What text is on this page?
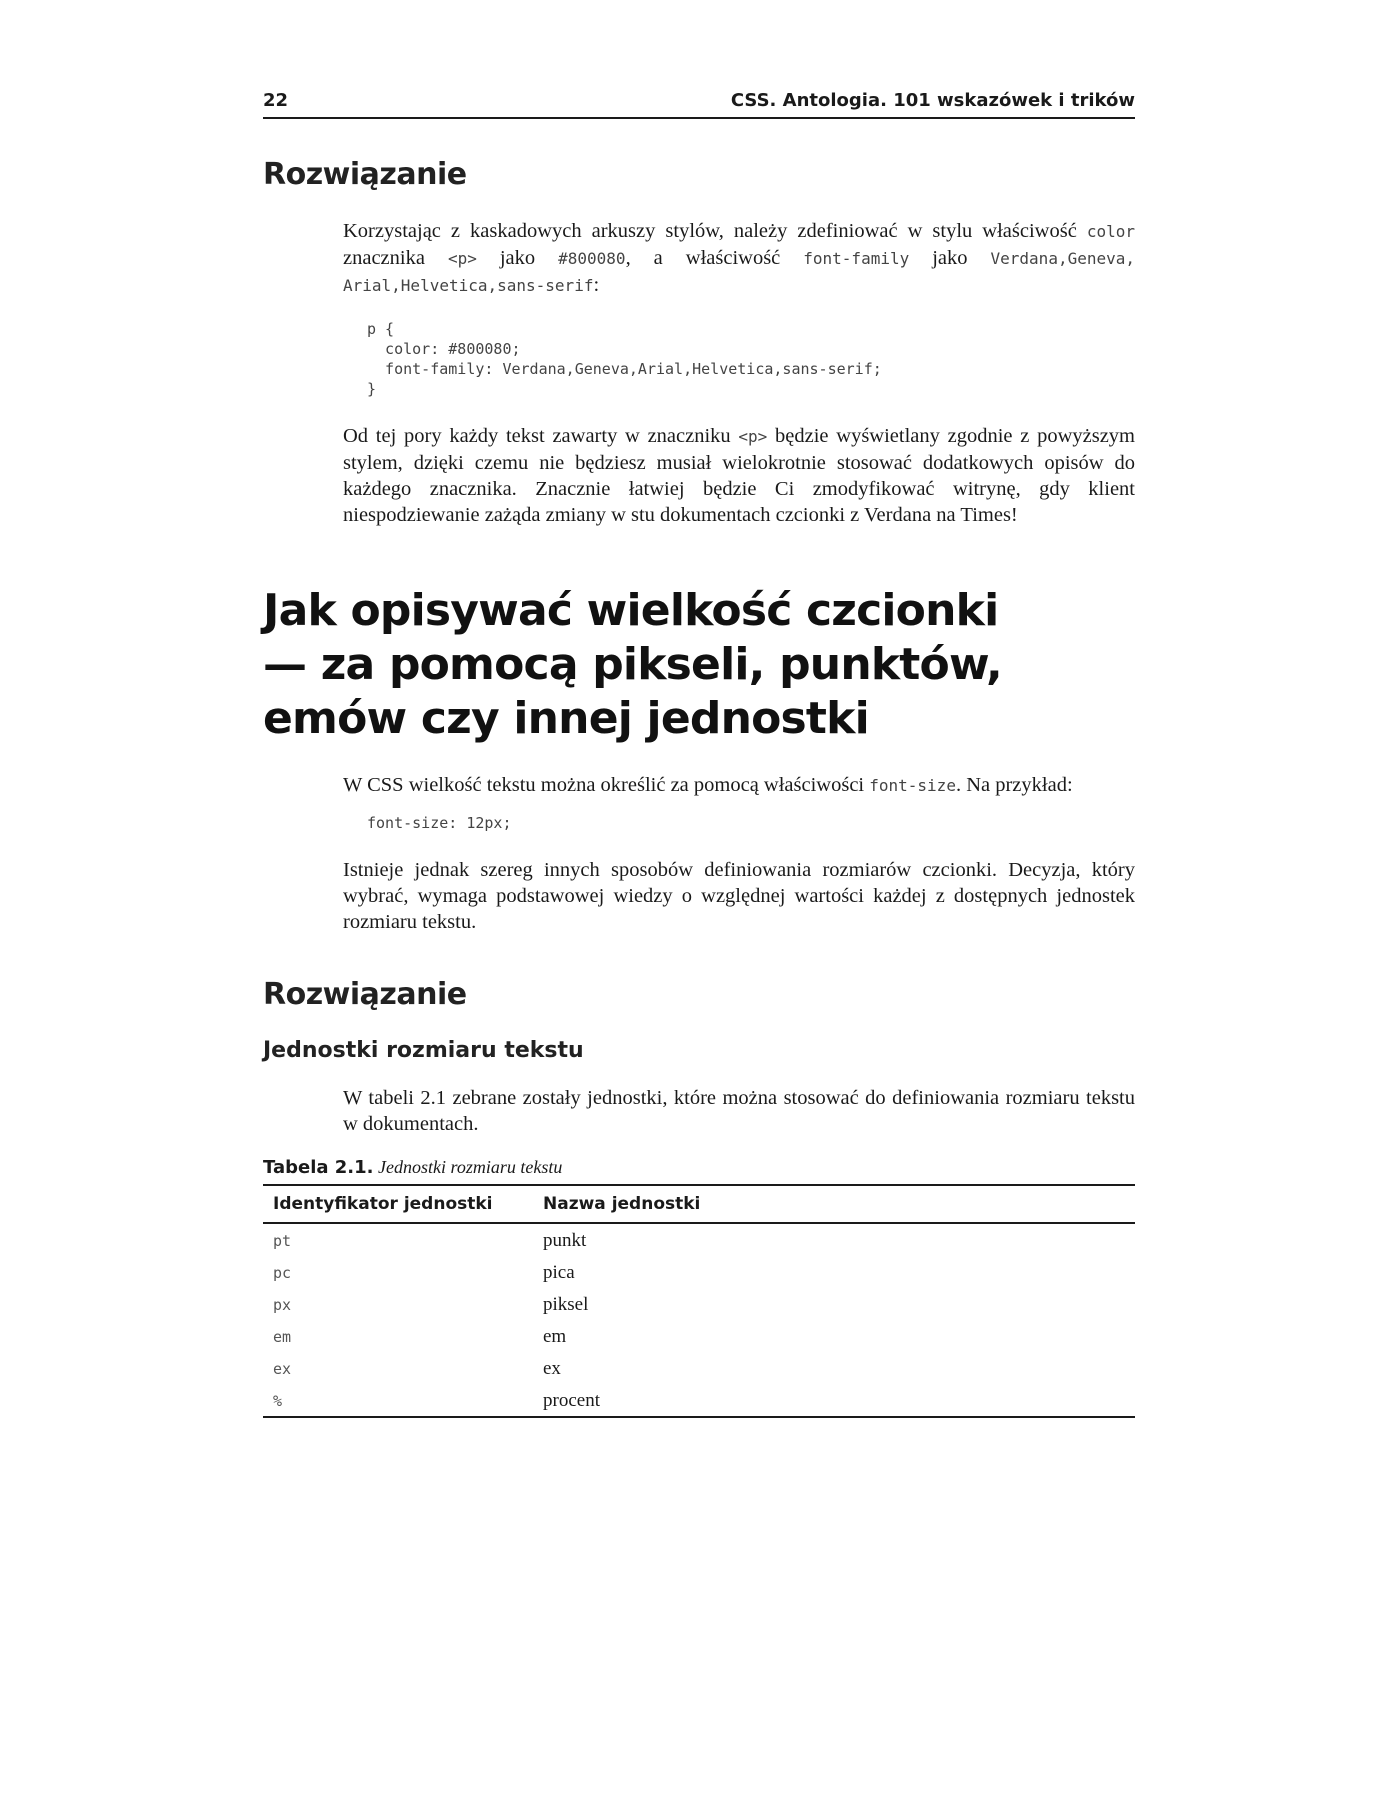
22	CSS. Antologia. 101 wskazówek i trików
Rozwiązanie

Korzystając z kaskadowych arkuszy stylów, należy zdefiniować w stylu właściwość color znacznika <p> jako #800080, a właściwość font-family jako Verdana,Geneva, Arial,Helvetica,sans-serif:

p {
color: #800080;
font-family: Verdana,Geneva,Arial,Helvetica,sans-serif;
}

Od tej pory każdy tekst zawarty w znaczniku <p> będzie wyświetlany zgodnie z powyższym stylem, dzięki czemu nie będziesz musiał wielokrotnie stosować dodatkowych opisów do każdego znacznika. Znacznie łatwiej będzie Ci zmodyfikować witrynę, gdy klient niespodziewanie zażąda zmiany w stu dokumentach czcionki z Verdana na Times!

Jak opisywać wielkość czcionki
— za pomocą pikseli, punktów,
emów czy innej jednostki

W CSS wielkość tekstu można określić za pomocą właściwości font-size. Na przykład:

font-size: 12px;

Istnieje jednak szereg innych sposobów definiowania rozmiarów czcionki. Decyzja, który wybrać, wymaga podstawowej wiedzy o względnej wartości każdej z dostępnych jednostek rozmiaru tekstu.

Rozwiązanie
Jednostki rozmiaru tekstu

W tabeli 2.1 zebrane zostały jednostki, które można stosować do definiowania rozmiaru tekstu w dokumentach.

Tabela 2.1. Jednostki rozmiaru tekstu
Identyfikator jednostki	Nazwa jednostki
pt	punkt
pc	pica
px	piksel
em	em
ex	ex
%	procent
